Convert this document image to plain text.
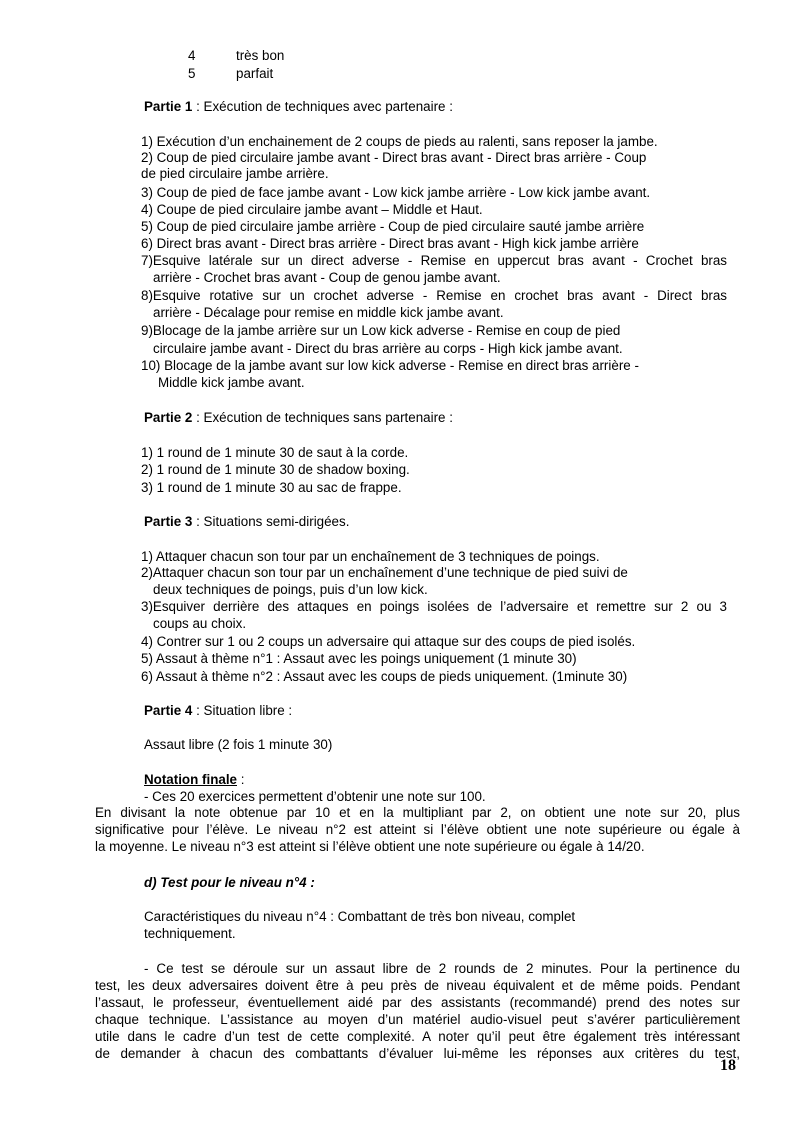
4	très bon
5	parfait
Partie 1 : Exécution de techniques avec partenaire :
1) Exécution d’un enchainement de 2 coups de pieds au ralenti, sans reposer la jambe.
2) Coup de pied circulaire jambe avant - Direct bras avant - Direct bras arrière - Coup
de pied circulaire jambe arrière.
3) Coup de pied de face jambe avant - Low kick jambe arrière - Low kick jambe avant.
4) Coupe de pied circulaire jambe avant – Middle et Haut.
5) Coup de pied circulaire jambe arrière - Coup de pied circulaire sauté jambe arrière
6) Direct bras avant - Direct bras arrière - Direct bras avant - High kick jambe arrière
7)Esquive latérale sur un direct adverse - Remise en uppercut bras avant - Crochet bras
arrière - Crochet bras avant - Coup de genou jambe avant.
8)Esquive rotative sur un crochet adverse - Remise en crochet bras avant - Direct bras
arrière - Décalage pour remise en middle kick jambe avant.
9)Blocage de la jambe arrière sur un Low kick adverse - Remise en coup de pied
circulaire jambe avant - Direct du bras arrière au corps - High kick jambe avant.
10) Blocage de la jambe avant sur low kick adverse - Remise en direct bras arrière -
Middle kick jambe avant.
Partie 2 : Exécution de techniques sans partenaire :
1) 1 round de 1 minute 30 de saut à la corde.
2) 1 round de 1 minute 30 de shadow boxing.
3) 1 round de 1 minute 30 au sac de frappe.
Partie 3 : Situations semi-dirigées.
1) Attaquer chacun son tour par un enchaînement de 3 techniques de poings.
2)Attaquer chacun son tour par un enchaînement d’une technique de pied suivi de
deux techniques de poings, puis d’un low kick.
3)Esquiver derrière des attaques en poings isolées de l’adversaire et remettre sur 2 ou 3
coups au choix.
4) Contrer sur 1 ou 2 coups un adversaire qui attaque sur des coups de pied isolés.
5) Assaut à thème n°1 : Assaut avec les poings uniquement (1 minute 30)
6) Assaut à thème n°2 : Assaut avec les coups de pieds uniquement. (1minute 30)
Partie 4 : Situation libre :
Assaut libre (2 fois 1 minute 30)
Notation finale :
- Ces 20 exercices permettent d’obtenir une note sur 100.
En divisant la note obtenue par 10 et en la multipliant par 2, on obtient une note sur 20, plus
significative pour l’élève. Le niveau n°2 est atteint si l’élève obtient une note supérieure ou égale à
la moyenne. Le niveau n°3 est atteint si l’élève obtient une note supérieure ou égale à 14/20.
d) Test pour le niveau n°4 :
Caractéristiques du niveau n°4 : Combattant de très bon niveau, complet
techniquement.
- Ce test se déroule sur un assaut libre de 2 rounds de 2 minutes. Pour la pertinence du
test, les deux adversaires doivent être à peu près de niveau équivalent et de même poids. Pendant
l’assaut, le professeur, éventuellement aidé par des assistants (recommandé) prend des notes sur
chaque technique. L’assistance au moyen d’un matériel audio-visuel peut s’avérer particulièrement
utile dans le cadre d’un test de cette complexité. A noter qu’il peut être également très intéressant
de demander à chacun des combattants d’évaluer lui-même les réponses aux critères du test,
18
